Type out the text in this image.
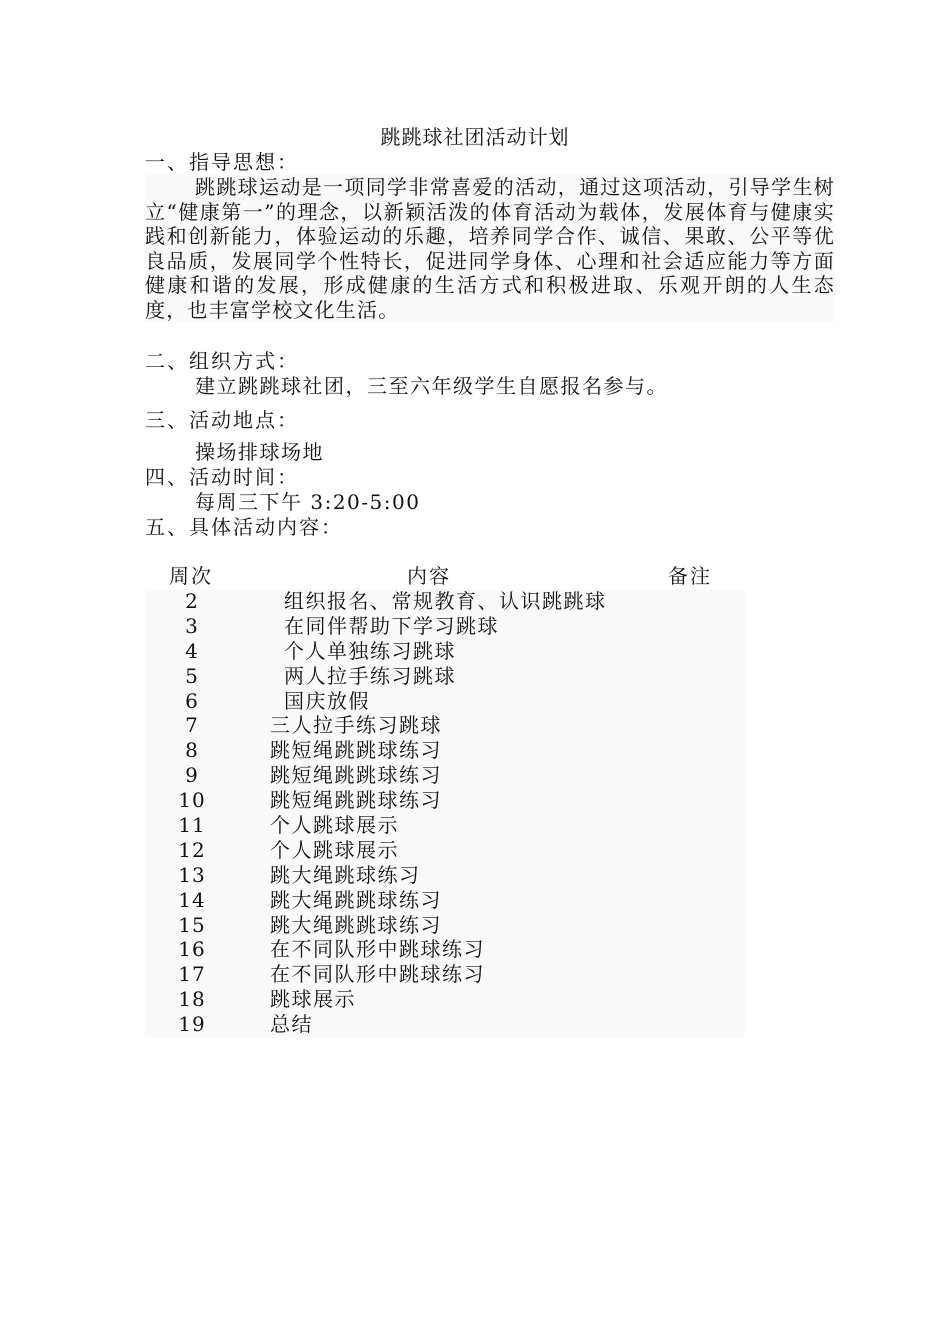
跳跳球社团活动计划
一、指导思想：
跳跳球运动是一项同学非常喜爱的活动，通过这项活动，引导学生树立“健康第一”的理念，以新颖活泼的体育活动为载体，发展体育与健康实践和创新能力，体验运动的乐趣，培养同学合作、诚信、果敢、公平等优良品质，发展同学个性特长，促进同学身体、心理和社会适应能力等方面健康和谐的发展，形成健康的生活方式和积极进取、乐观开朗的人生态度，也丰富学校文化生活。
二、组织方式：
建立跳跳球社团，三至六年级学生自愿报名参与。
三、活动地点：
操场排球场地
四、活动时间：
每周三下午 3:20-5:00
五、具体活动内容：
周次	内容	备注
2	组织报名、常规教育、认识跳跳球
3	在同伴帮助下学习跳球
4	个人单独练习跳球
5	两人拉手练习跳球
6	国庆放假
7	三人拉手练习跳球
8	跳短绳跳跳球练习
9	跳短绳跳跳球练习
10	跳短绳跳跳球练习
11	个人跳球展示
12	个人跳球展示
13	跳大绳跳球练习
14	跳大绳跳跳球练习
15	跳大绳跳跳球练习
16	在不同队形中跳球练习
17	在不同队形中跳球练习
18	跳球展示
19	总结
